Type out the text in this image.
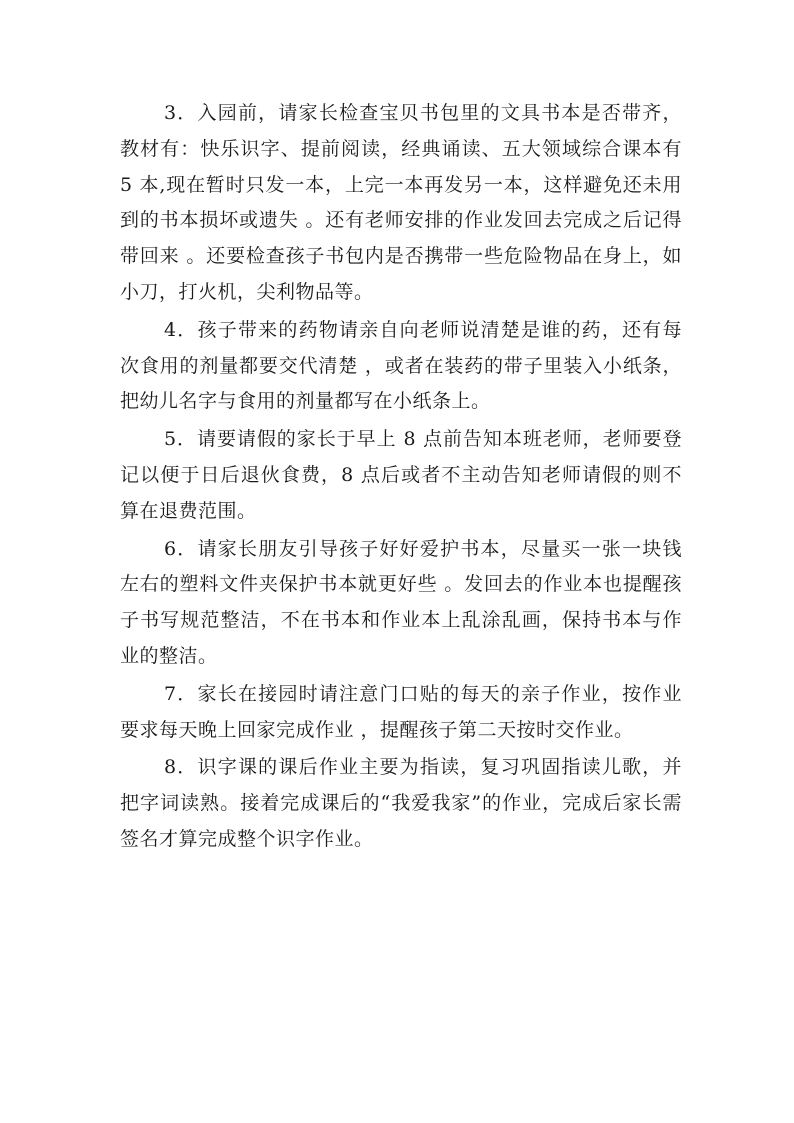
3．入园前，请家长检查宝贝书包里的文具书本是否带齐，教材有：快乐识字、提前阅读，经典诵读、五大领域综合课本有 5 本,现在暂时只发一本，上完一本再发另一本，这样避免还未用到的书本损坏或遗失 。还有老师安排的作业发回去完成之后记得带回来 。还要检查孩子书包内是否携带一些危险物品在身上，如小刀，打火机，尖利物品等。

4．孩子带来的药物请亲自向老师说清楚是谁的药，还有每次食用的剂量都要交代清楚 ，或者在装药的带子里装入小纸条，把幼儿名字与食用的剂量都写在小纸条上。

5．请要请假的家长于早上 8 点前告知本班老师，老师要登记以便于日后退伙食费，8 点后或者不主动告知老师请假的则不算在退费范围。

6．请家长朋友引导孩子好好爱护书本，尽量买一张一块钱左右的塑料文件夹保护书本就更好些 。发回去的作业本也提醒孩子书写规范整洁，不在书本和作业本上乱涂乱画，保持书本与作业的整洁。

7．家长在接园时请注意门口贴的每天的亲子作业，按作业要求每天晚上回家完成作业 ，提醒孩子第二天按时交作业。

8．识字课的课后作业主要为指读，复习巩固指读儿歌，并把字词读熟。接着完成课后的“我爱我家”的作业，完成后家长需签名才算完成整个识字作业。
